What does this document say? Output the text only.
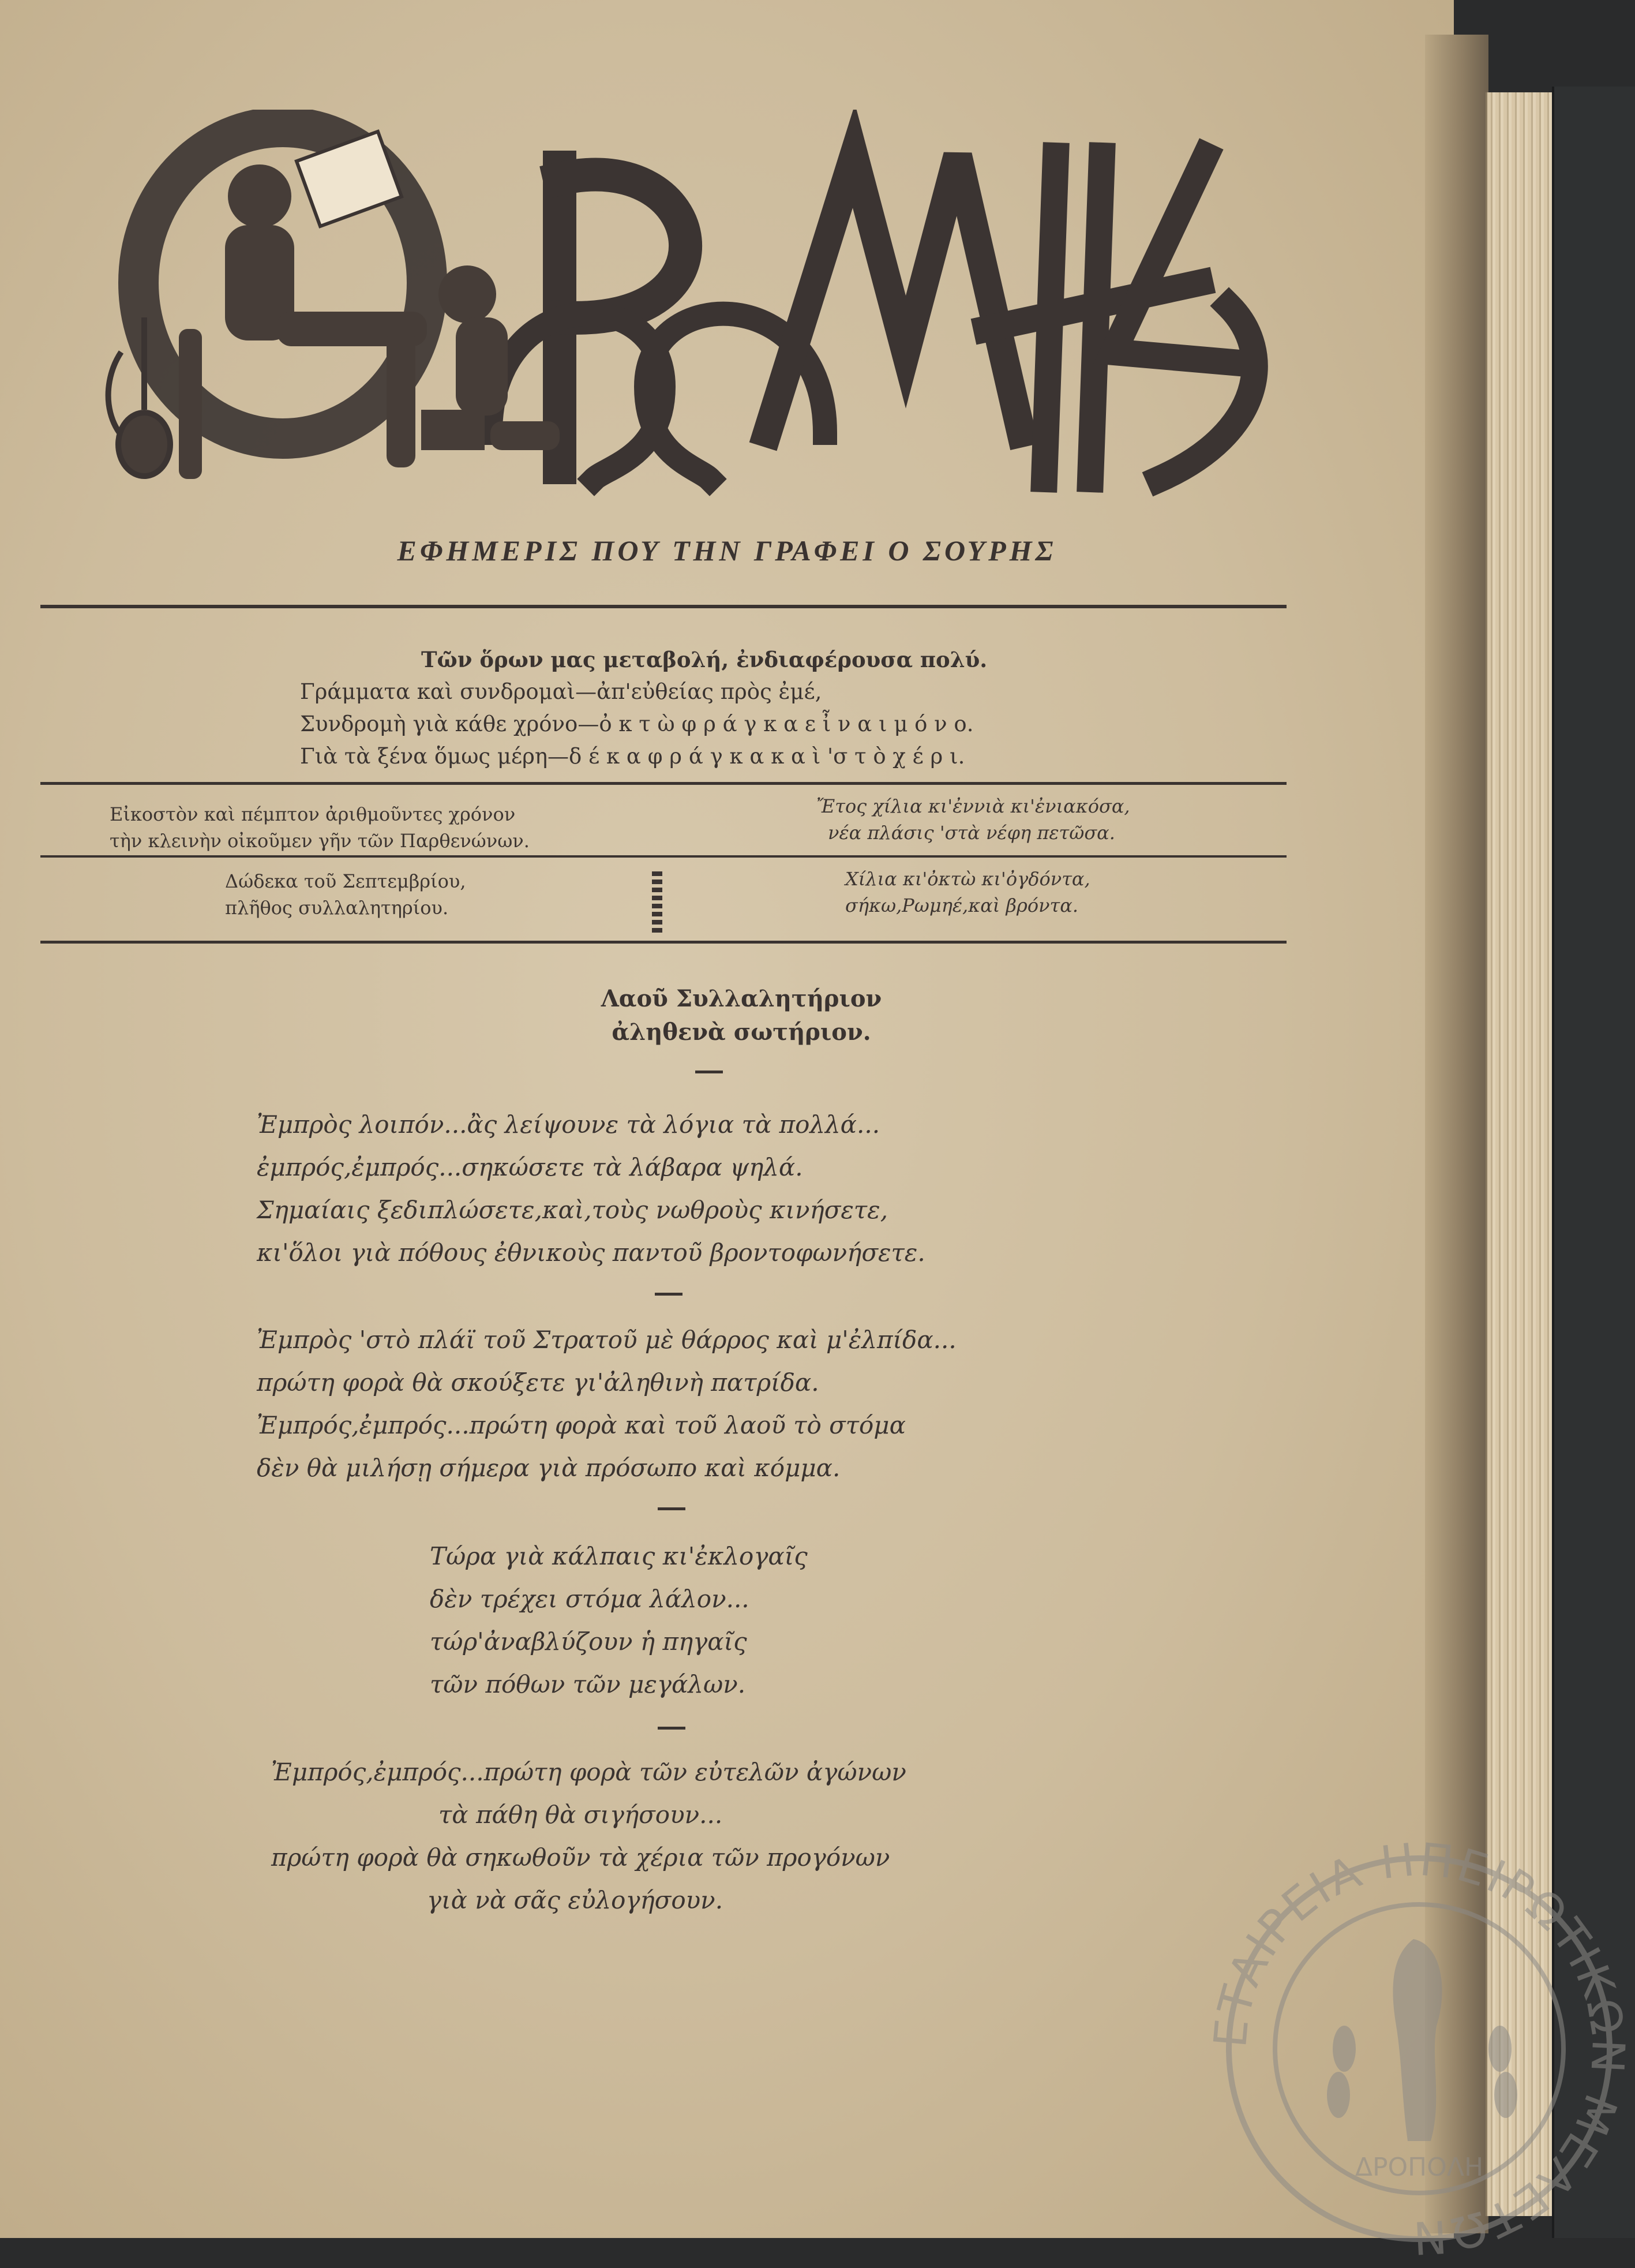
ΕΦΗΜΕΡΙΣ ΠΟΥ ΤΗΝ ΓΡΑΦΕΙ Ο ΣΟΥΡΗΣ
Τῶν ὅρων μας μεταβολή, ἐνδιαφέρουσα πολύ.
Γράμματα καὶ συνδρομαὶ—ἀπ'εὐθείας πρὸς ἐμέ,
Συνδρομὴ γιὰ κάθε χρόνο—ὀ κ τ ὼ φ ρ ά γ κ α ε ἶ ν α ι μ ό ν ο.
Γιὰ τὰ ξένα ὅμως μέρη—δ έ κ α φ ρ ά γ κ α κ α ὶ 'σ τ ὸ χ έ ρ ι.
Εἰκοστὸν καὶ πέμπτον ἀριθμοῦντες χρόνον
τὴν κλεινὴν οἰκοῦμεν γῆν τῶν Παρθενώνων.
Ἔτος χίλια κι'ἐννιὰ κι'ἐνιακόσα,
νέα πλάσις 'στὰ νέφη πετῶσα.
Δώδεκα τοῦ Σεπτεμβρίου,
πλῆθος συλλαλητηρίου.
Χίλια κι'ὀκτὼ κι'ὀγδόντα,
σήκω,Ρωμηέ,καὶ βρόντα.
Λαοῦ Συλλαλητήριον
ἀληθενὰ σωτήριον.
Ἐμπρὸς λοιπόν...ἂς λείψουνε τὰ λόγια τὰ πολλά...
ἐμπρός,ἐμπρός...σηκώσετε τὰ λάβαρα ψηλά.
Σημαίαις ξεδιπλώσετε,καὶ,τοὺς νωθροὺς κινήσετε,
κι'ὅλοι γιὰ πόθους ἐθνικοὺς παντοῦ βροντοφωνήσετε.
Ἐμπρὸς 'στὸ πλάϊ τοῦ Στρατοῦ μὲ θάρρος καὶ μ'ἐλπίδα...
πρώτη φορὰ θὰ σκούξετε γι'ἀληθινὴ πατρίδα.
Ἐμπρός,ἐμπρός...πρώτη φορὰ καὶ τοῦ λαοῦ τὸ στόμα
δὲν θὰ μιλήσῃ σήμερα γιὰ πρόσωπο καὶ κόμμα.
Τώρα γιὰ κάλπαις κι'ἐκλογαῖς
δὲν τρέχει στόμα λάλον...
τώρ'ἀναβλύζουν ἡ πηγαῖς
τῶν πόθων τῶν μεγάλων.
Ἐμπρός,ἐμπρός...πρώτη φορὰ τῶν εὐτελῶν ἀγώνων
τὰ πάθη θὰ σιγήσουν...
πρώτη φορὰ θὰ σηκωθοῦν τὰ χέρια τῶν προγόνων
γιὰ νὰ σᾶς εὐλογήσουν.
ΕΤΑΙΡΕΙΑ ΗΠΕΙΡΩΤΙΚΩΝ ΜΕΛΕΤΩΝ
ΔΡΟΠΟΛΗ
